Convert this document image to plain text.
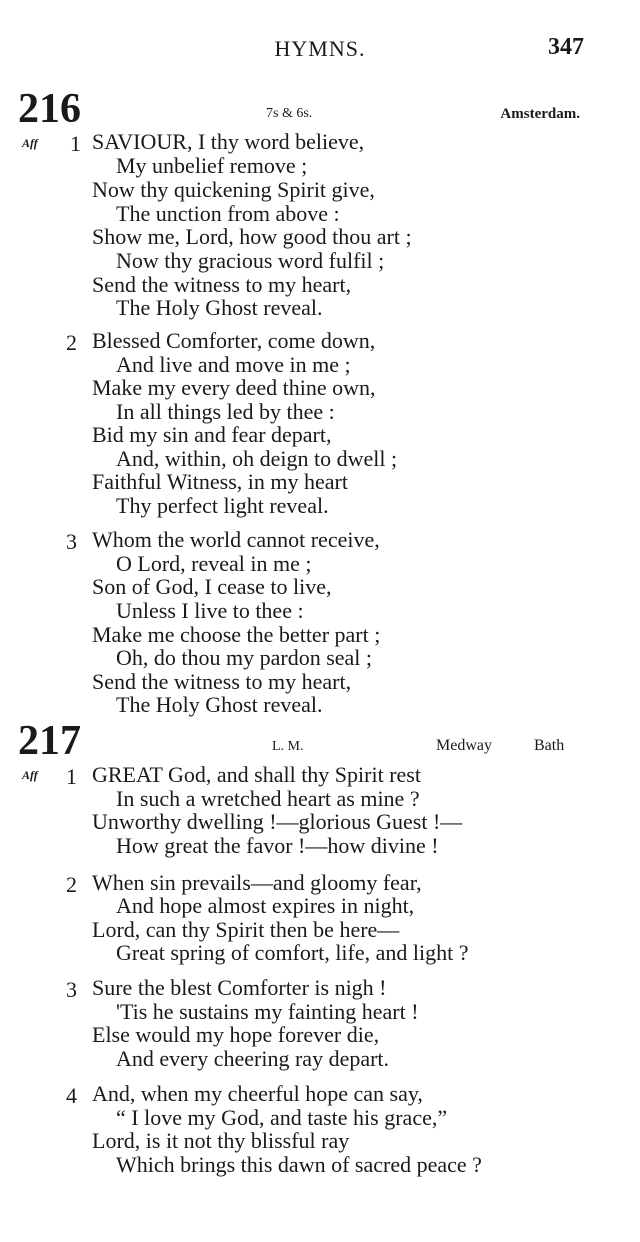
HYMNS.	347
216	7s & 6s.	Amsterdam.
Aff 1 SAVIOUR, I thy word believe,
My unbelief remove ;
Now thy quickening Spirit give,
The unction from above :
Show me, Lord, how good thou art ;
Now thy gracious word fulfil ;
Send the witness to my heart,
The Holy Ghost reveal.
2 Blessed Comforter, come down,
And live and move in me ;
Make my every deed thine own,
In all things led by thee :
Bid my sin and fear depart,
And, within, oh deign to dwell ;
Faithful Witness, in my heart
Thy perfect light reveal.
3 Whom the world cannot receive,
O Lord, reveal in me ;
Son of God, I cease to live,
Unless I live to thee :
Make me choose the better part ;
Oh, do thou my pardon seal ;
Send the witness to my heart,
The Holy Ghost reveal.
217	L. M.	Medway	Bath
Aff 1 GREAT God, and shall thy Spirit rest
In such a wretched heart as mine ?
Unworthy dwelling !—glorious Guest !—
How great the favor !—how divine !
2 When sin prevails—and gloomy fear,
And hope almost expires in night,
Lord, can thy Spirit then be here—
Great spring of comfort, life, and light ?
3 Sure the blest Comforter is nigh !
'Tis he sustains my fainting heart !
Else would my hope forever die,
And every cheering ray depart.
4 And, when my cheerful hope can say,
“ I love my God, and taste his grace,”
Lord, is it not thy blissful ray
Which brings this dawn of sacred peace ?
